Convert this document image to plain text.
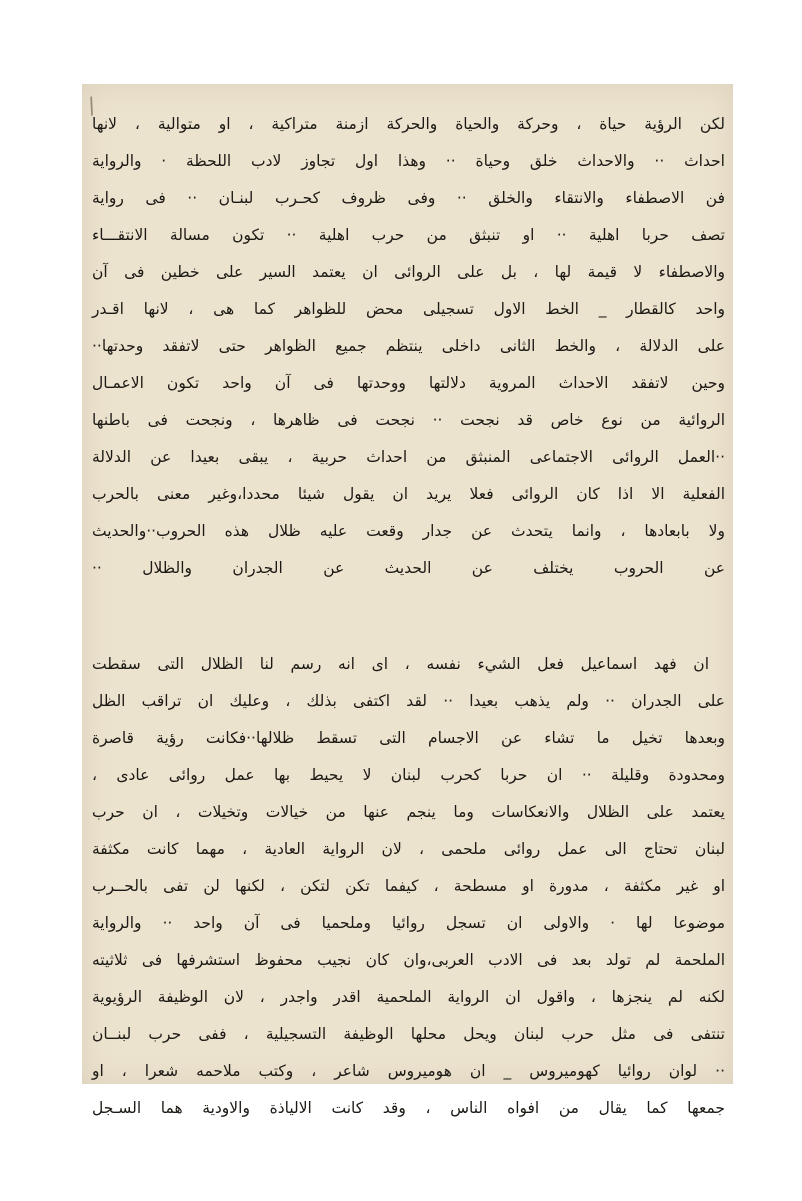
/
لكن الرؤية حياة ، وحركة والحياة والحركة ازمنة متراكية ، او متوالية ، لانها
احداث ·· والاحداث خلق وحياة ·· وهذا اول تجاوز لادب اللحظة · والرواية
فن الاصطفاء والانتقاء والخلق ·· وفى ظروف كحـرب لبنـان ·· فى رواية
تصف حربا اهلية ·· او تنبثق من حرب اهلية ·· تكون مسالة الانتقـــاء
والاصطفاء لا قيمة لها ، بل على الروائى ان يعتمد السير على خطين فى آن
واحد كالقطار _ الخط الاول تسجيلى محض للظواهر كما هى ، لانها اقـدر
على الدلالة ، والخط الثانى داخلى ينتظم جميع الظواهر حتى لاتفقد وحدتها··
وحين لاتفقد الاحداث المروية دلالتها ووحدتها فى آن واحد تكون الاعمـال
الروائية من نوع خاص قد نجحت ·· نجحت فى ظاهرها ، ونجحت فى باطنها
··العمل الروائى الاجتماعى المنبثق من احداث حربية ، يبقى بعيدا عن الدلالة
الفعلية الا اذا كان الروائى فعلا يريد ان يقول شيئا محددا،وغير معنى بالحرب
ولا بابعادها ، وانما يتحدث عن جدار وقعت عليه ظلال هذه الحروب··والحديث
عن الحروب يختلف عن الحديث عن الجدران والظلال ··
ان فهد اسماعيل فعل الشيء نفسه ، اى انه رسم لنا الظلال التى سقطت
على الجدران ·· ولم يذهب بعيدا ·· لقد اكتفى بذلك ، وعليك ان تراقب الظل
وبعدها تخيل ما تشاء عن الاجسام التى تسقط ظلالها··فكانت رؤية قاصرة
ومحدودة وقليلة ·· ان حربا كحرب لبنان لا يحيط بها عمل روائى عادى ،
يعتمد على الظلال والانعكاسات وما ينجم عنها من خيالات وتخيلات ، ان حرب
لبنان تحتاج الى عمل روائى ملحمى ، لان الرواية العادية ، مهما كانت مكثفة
او غير مكثفة ، مدورة او مسطحة ، كيفما تكن لتكن ، لكنها لن تفى بالحــرب
موضوعا لها · والاولى ان تسجل روائيا وملحميا فى آن واحد ·· والرواية
الملحمة لم تولد بعد فى الادب العربى،وان كان نجيب محفوظ استشرفها فى ثلاثيته
لكنه لم ينجزها ، واقول ان الرواية الملحمية اقدر واجدر ، لان الوظيفة الرؤيوية
تنتفى فى مثل حرب لبنان ويحل محلها الوظيفة التسجيلية ، ففى حرب لبنــان
·· لوان روائيا كهوميروس _ ان هوميروس شاعر ، وكتب ملاحمه شعرا ، او
جمعها كما يقال من افواه الناس ، وقد كانت الالياذة والاودية هما السـجل
